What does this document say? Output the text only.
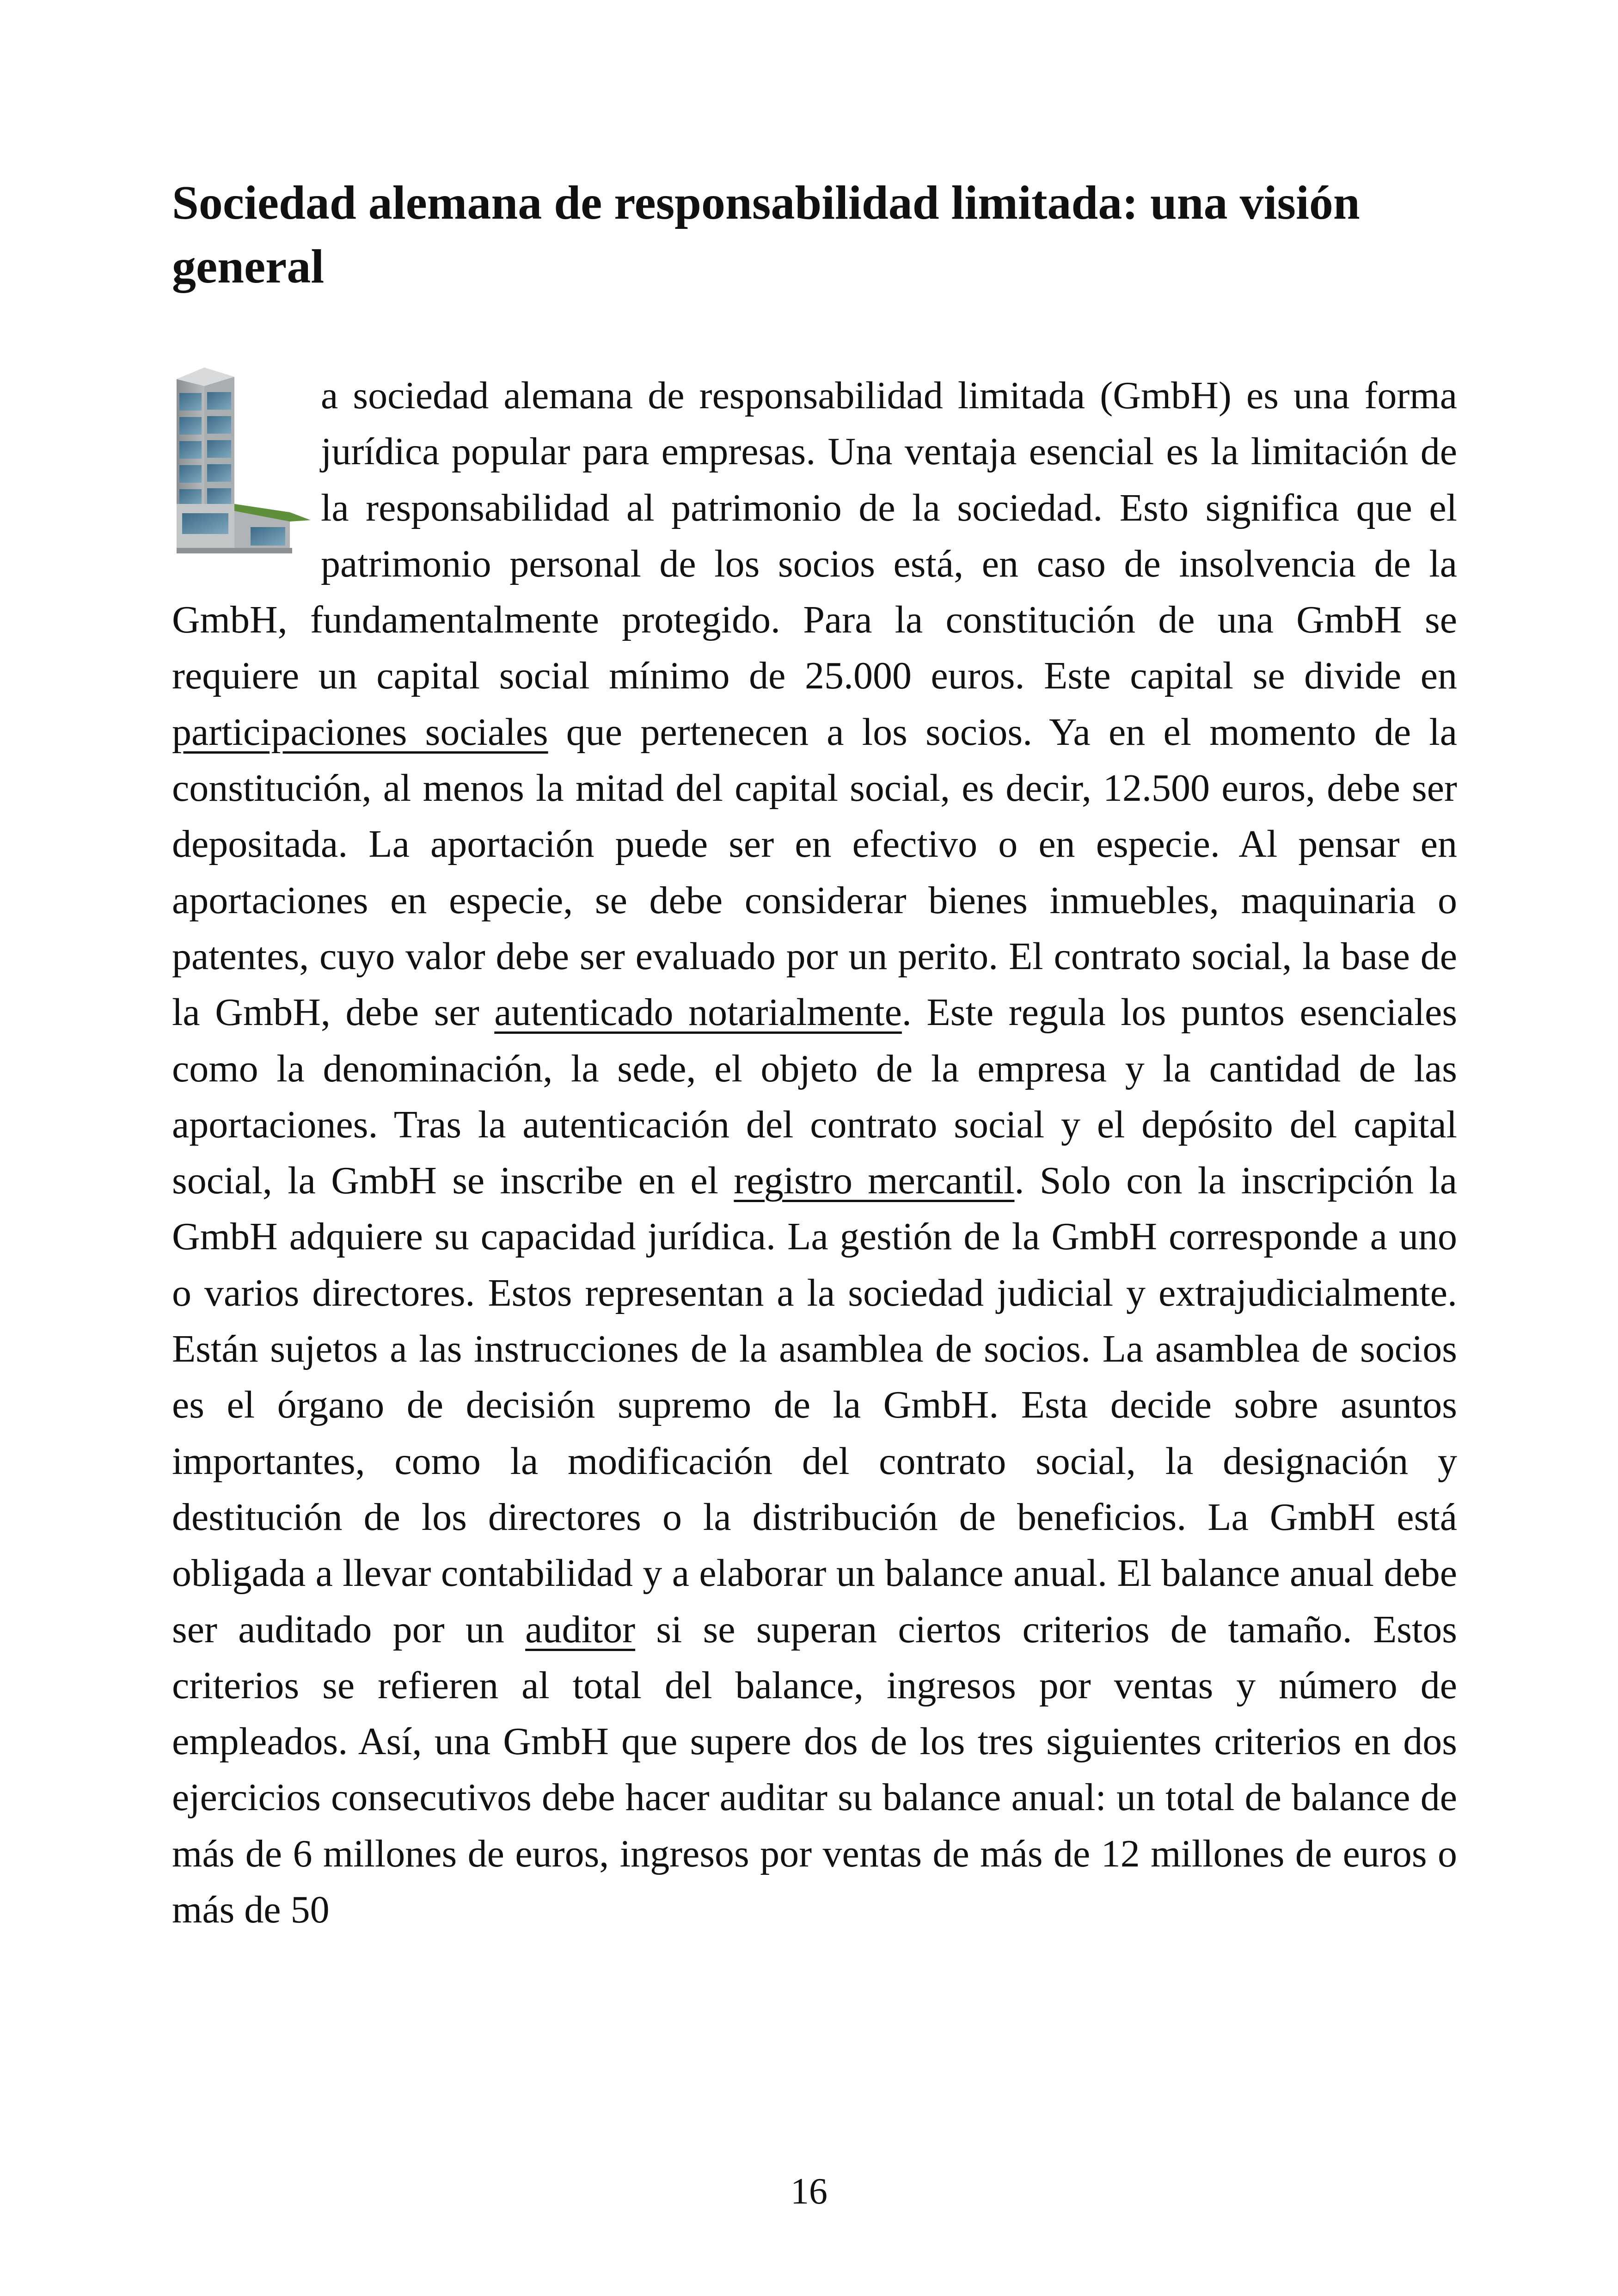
Sociedad alemana de responsabilidad limitada: una visión general
a sociedad alemana de responsabilidad limitada (GmbH) es una forma jurídica popular para empresas. Una ventaja esencial es la limitación de la responsabilidad al patrimonio de la sociedad. Esto significa que el patrimonio personal de los socios está, en caso de insolvencia de la GmbH, fundamentalmente protegido. Para la constitución de una GmbH se requiere un capital social mínimo de 25.000 euros. Este capital se divide en participaciones sociales que pertenecen a los socios. Ya en el momento de la constitución, al menos la mitad del capital social, es decir, 12.500 euros, debe ser depositada. La aportación puede ser en efectivo o en especie. Al pensar en aportaciones en especie, se debe considerar bienes inmuebles, maquinaria o patentes, cuyo valor debe ser evaluado por un perito. El contrato social, la base de la GmbH, debe ser autenticado notarialmente. Este regula los puntos esenciales como la denominación, la sede, el objeto de la empresa y la cantidad de las aportaciones. Tras la autenticación del contrato social y el depósito del capital social, la GmbH se inscribe en el registro mercantil. Solo con la inscripción la GmbH adquiere su capacidad jurídica. La gestión de la GmbH corresponde a uno o varios directores. Estos representan a la sociedad judicial y extrajudicialmente. Están sujetos a las instrucciones de la asamblea de socios. La asamblea de socios es el órgano de decisión supremo de la GmbH. Esta decide sobre asuntos importantes, como la modificación del contrato social, la designación y destitución de los directores o la distribución de beneficios. La GmbH está obligada a llevar contabilidad y a elaborar un balance anual. El balance anual debe ser auditado por un auditor si se superan ciertos criterios de tamaño. Estos criterios se refieren al total del balance, ingresos por ventas y número de empleados. Así, una GmbH que supere dos de los tres siguientes criterios en dos ejercicios consecutivos debe hacer auditar su balance anual: un total de balance de más de 6 millones de euros, ingresos por ventas de más de 12 millones de euros o más de 50
16
